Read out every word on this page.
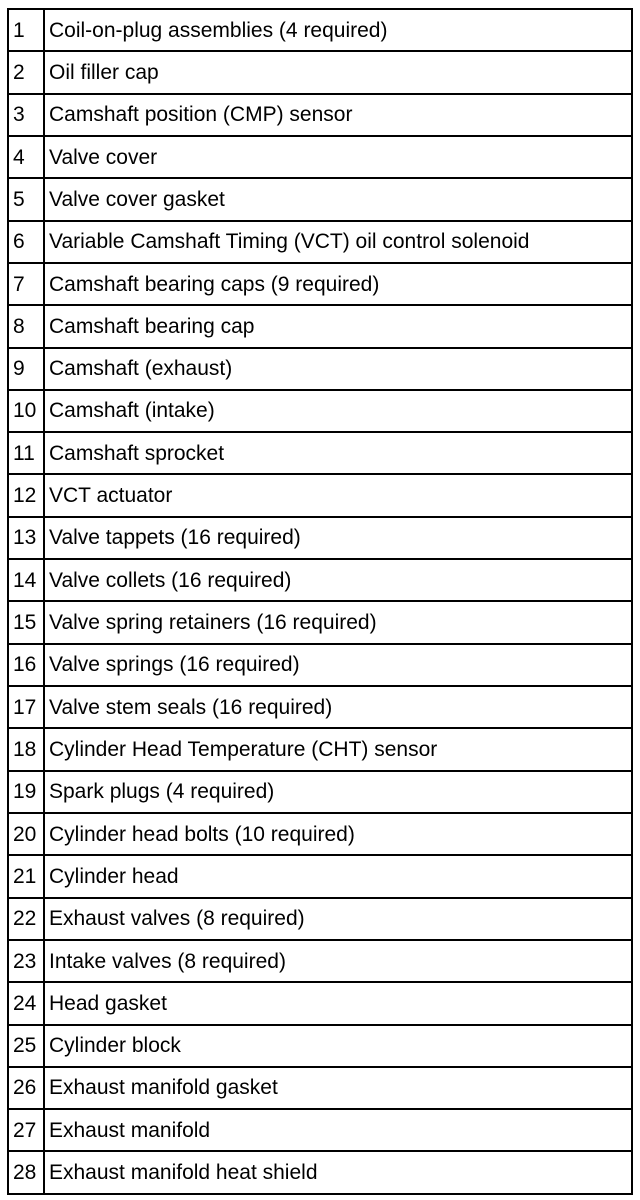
1	Coil-on-plug assemblies (4 required)
2	Oil filler cap
3	Camshaft position (CMP) sensor
4	Valve cover
5	Valve cover gasket
6	Variable Camshaft Timing (VCT) oil control solenoid
7	Camshaft bearing caps (9 required)
8	Camshaft bearing cap
9	Camshaft (exhaust)
10	Camshaft (intake)
11	Camshaft sprocket
12	VCT actuator
13	Valve tappets (16 required)
14	Valve collets (16 required)
15	Valve spring retainers (16 required)
16	Valve springs (16 required)
17	Valve stem seals (16 required)
18	Cylinder Head Temperature (CHT) sensor
19	Spark plugs (4 required)
20	Cylinder head bolts (10 required)
21	Cylinder head
22	Exhaust valves (8 required)
23	Intake valves (8 required)
24	Head gasket
25	Cylinder block
26	Exhaust manifold gasket
27	Exhaust manifold
28	Exhaust manifold heat shield
